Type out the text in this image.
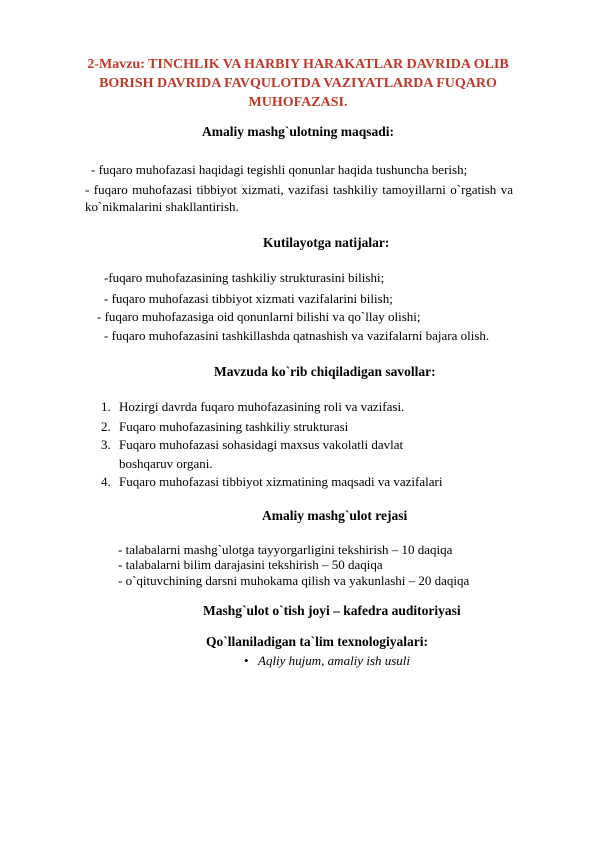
2-Mavzu: TINCHLIK VA HARBIY HARAKATLAR DAVRIDA OLIB
BORISH DAVRIDA FAVQULOTDA VAZIYATLARDA FUQARO
MUHOFAZASI.
Amaliy mashg`ulotning maqsadi:
- fuqaro muhofazasi haqidagi tegishli qonunlar haqida tushuncha berish;
- fuqaro muhofazasi tibbiyot xizmati, vazifasi tashkiliy tamoyillarni o`rgatish va
ko`nikmalarini shakllantirish.
Kutilayotga natijalar:
-fuqaro muhofazasining tashkiliy strukturasini bilishi;
- fuqaro muhofazasi tibbiyot xizmati vazifalarini bilish;
- fuqaro muhofazasiga oid qonunlarni bilishi va qo`llay olishi;
- fuqaro muhofazasini tashkillashda qatnashish va vazifalarni bajara olish.
Mavzuda ko`rib chiqiladigan savollar:
1. Hozirgi davrda fuqaro muhofazasining roli va vazifasi.
2. Fuqaro muhofazasining tashkiliy strukturasi
3. Fuqaro muhofazasi sohasidagi maxsus vakolatli davlat
boshqaruv organi.
4. Fuqaro muhofazasi tibbiyot xizmatining maqsadi va vazifalari
Amaliy mashg`ulot rejasi
- talabalarni mashg`ulotga tayyorgarligini tekshirish – 10 daqiqa
- talabalarni bilim darajasini tekshirish – 50 daqiqa
- o`qituvchining darsni muhokama qilish va yakunlashi – 20 daqiqa
Mashg`ulot o`tish joyi – kafedra auditoriyasi
Qo`llaniladigan ta`lim texnologiyalari:
• Aqliy hujum, amaliy ish usuli
